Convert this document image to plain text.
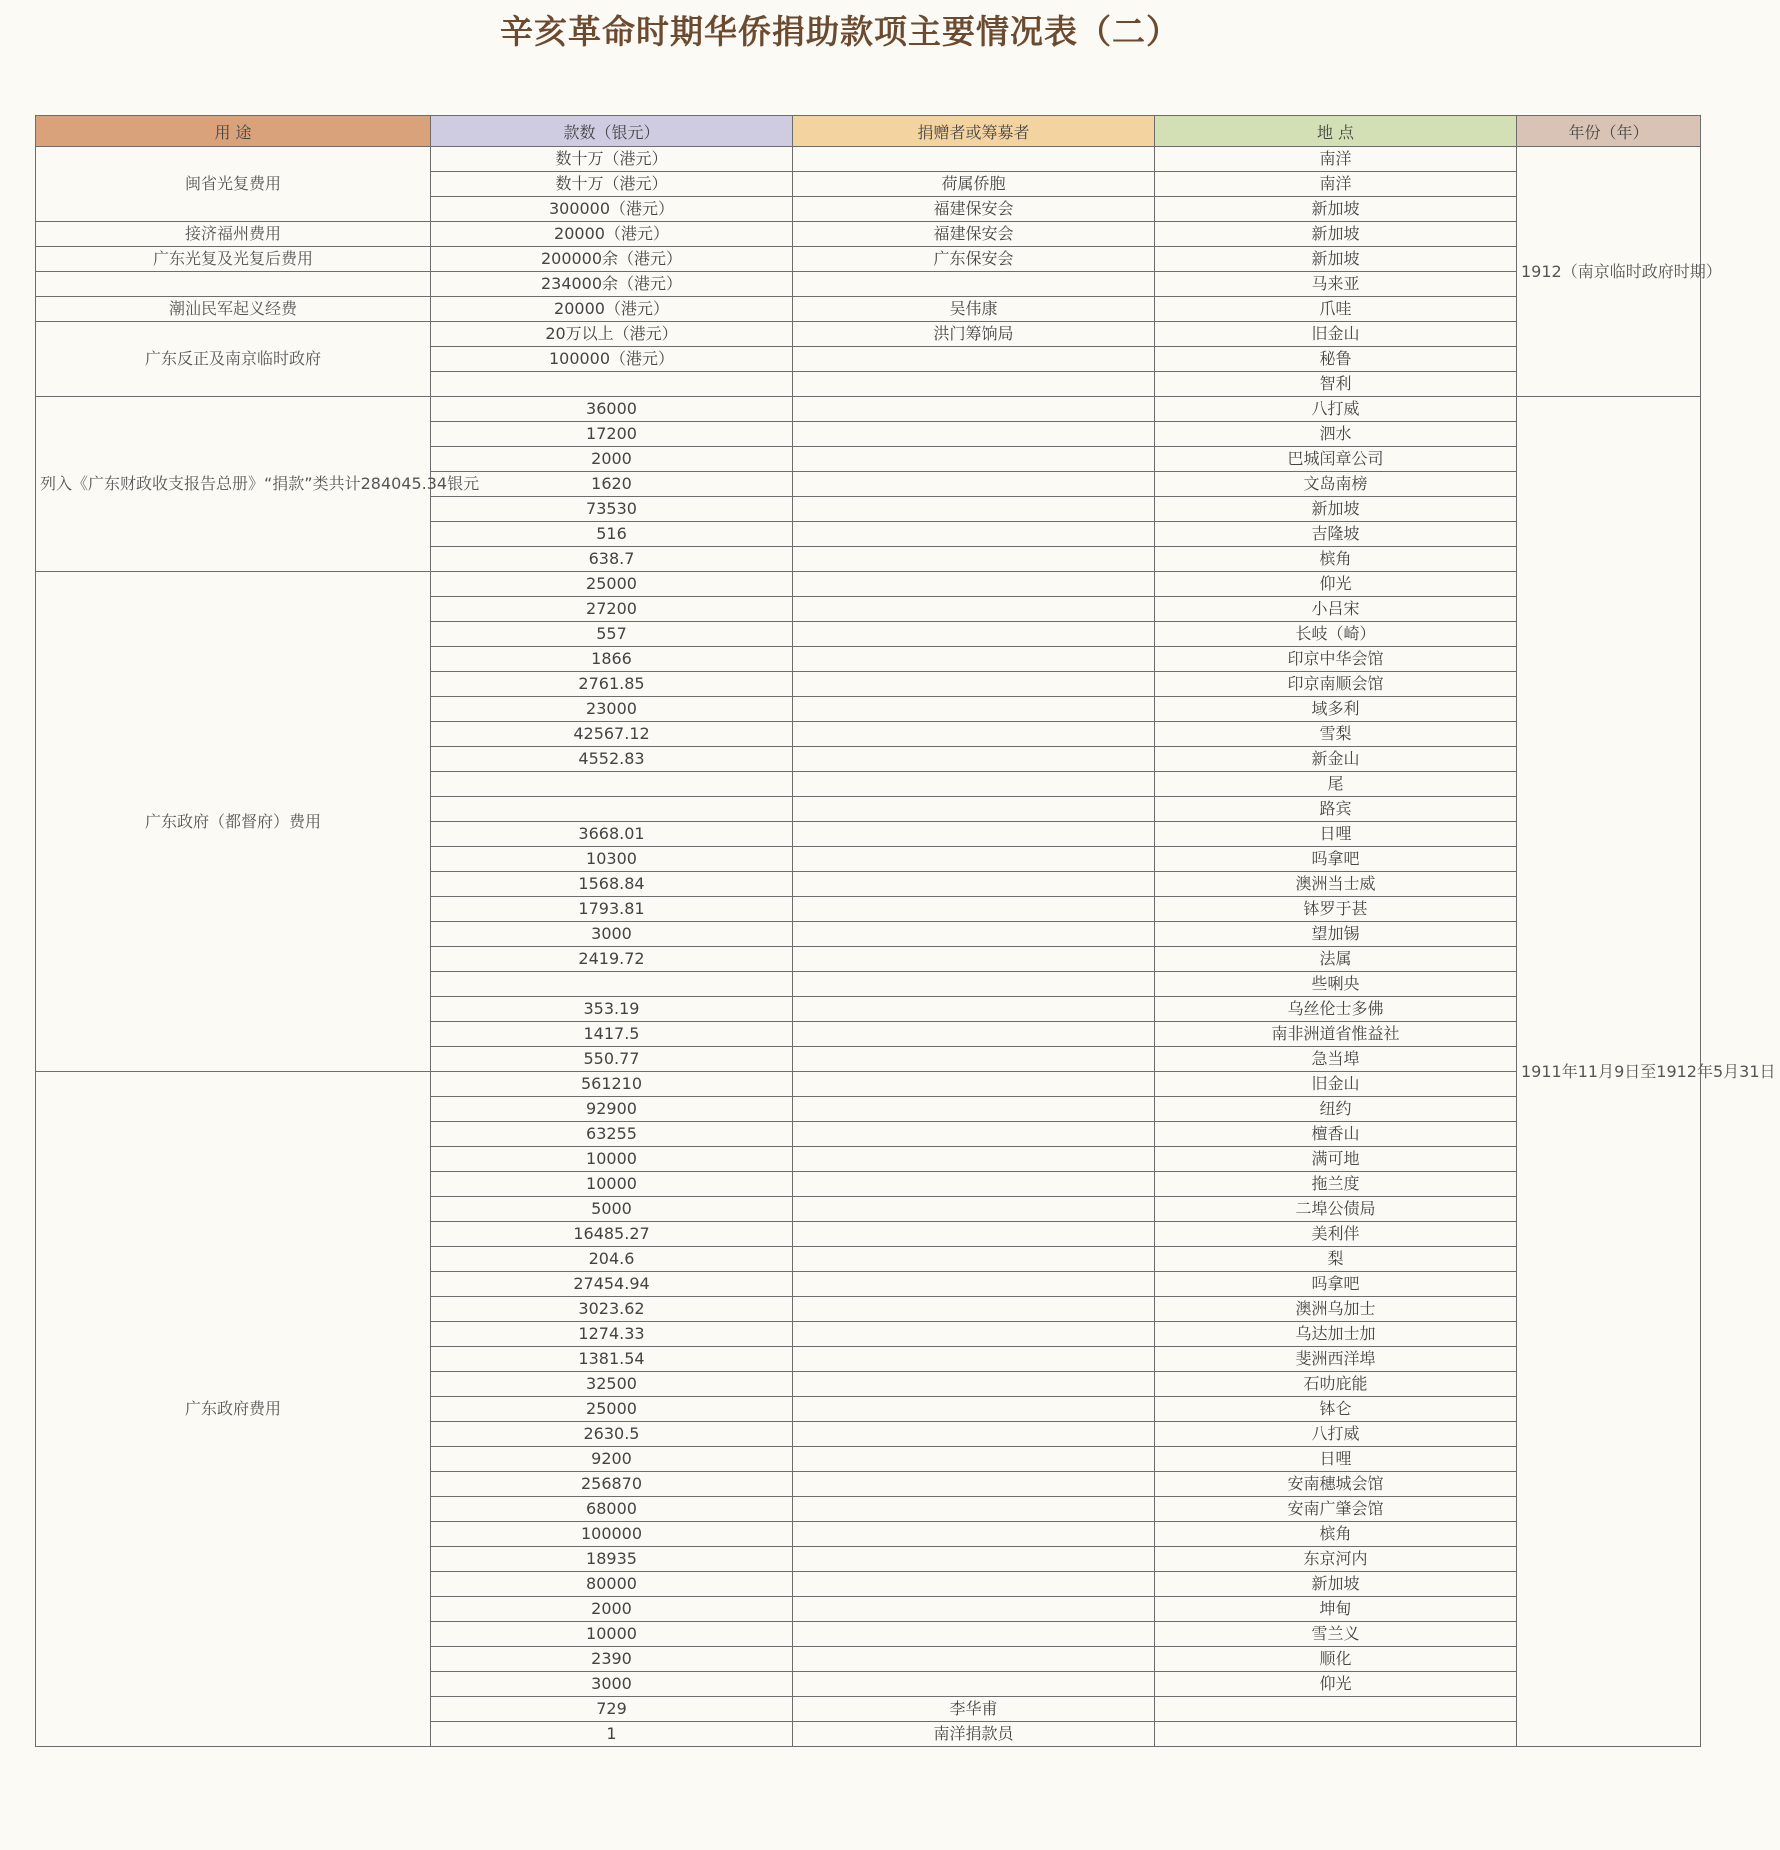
辛亥革命时期华侨捐助款项主要情况表（二）
用 途	款数（银元）	捐赠者或筹募者	地 点	年份（年）
闽省光复费用	数十万（港元）		南洋	1912（南京临时政府时期）
	数十万（港元）	荷属侨胞	南洋	
	300000（港元）	福建保安会	新加坡	
接济福州费用	20000（港元）	福建保安会	新加坡	
广东光复及光复后费用	200000余（港元）	广东保安会	新加坡	
	234000余（港元）		马来亚	
潮汕民军起义经费	20000（港元）	吴伟康	爪哇	
广东反正及南京临时政府	20万以上（港元）	洪门筹饷局	旧金山	
	100000（港元）		秘鲁	
			智利	
列入《广东财政收支报告总册》“捐款”类共计284045.34银元	36000		八打威	1911年11月9日至1912年5月31日
	17200		泗水	
	2000		巴城闰章公司	
	1620		文岛南榜	
	73530		新加坡	
	516		吉隆坡	
	638.7		槟角	
广东政府（都督府）费用	25000		仰光	
	27200		小吕宋	
	557		长岐（崎）	
	1866		印京中华会馆	
	2761.85		印京南顺会馆	
	23000		域多利	
	42567.12		雪梨	
	4552.83		新金山	
			尾	
			路宾	
	3668.01		日哩	
	10300		吗拿吧	
	1568.84		澳洲当士威	
	1793.81		钵罗于甚	
	3000		望加锡	
	2419.72		法属	
			些唎央	
	353.19		乌丝伦士多佛	
	1417.5		南非洲道省惟益社	
	550.77		急当埠	
广东政府费用	561210		旧金山	
	92900		纽约	
	63255		檀香山	
	10000		满可地	
	10000		拖兰度	
	5000		二埠公债局	
	16485.27		美利伴	
	204.6		梨	
	27454.94		吗拿吧	
	3023.62		澳洲乌加士	
	1274.33		乌达加士加	
	1381.54		斐洲西洋埠	
	32500		石叻庇能	
	25000		钵仑	
	2630.5		八打威	
	9200		日哩	
	256870		安南穗城会馆	
	68000		安南广肇会馆	
	100000		槟角	
	18935		东京河内	
	80000		新加坡	
	2000		坤甸	
	10000		雪兰义	
	2390		顺化	
	3000		仰光	
	729	李华甫		
	1	南洋捐款员		
